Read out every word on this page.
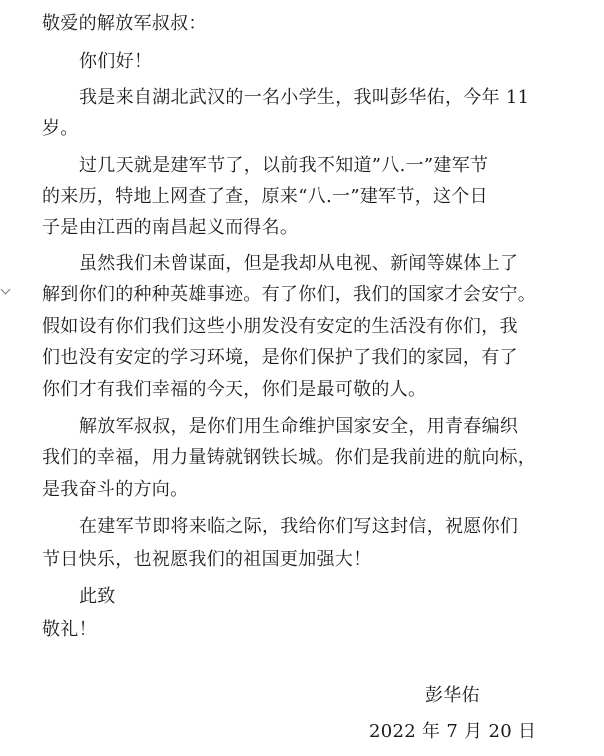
敬爱的解放军叔叔：
你们好！
我是来自湖北武汉的一名小学生，我叫彭华佑，今年 11
岁。
过几天就是建军节了，以前我不知道”八.一”建军节
的来历，特地上网查了查，原来“八.一”建军节，这个日
子是由江西的南昌起义而得名。
虽然我们未曾谋面，但是我却从电视、新闻等媒体上了
解到你们的种种英雄事迹。有了你们，我们的国家才会安宁。
假如设有你们我们这些小朋发没有安定的生活没有你们，我
们也没有安定的学习环境，是你们保护了我们的家园，有了
你们才有我们幸福的今天，你们是最可敬的人。
解放军叔叔，是你们用生命维护国家安全，用青春编织
我们的幸福，用力量铸就钢铁长城。你们是我前进的航向标，
是我奋斗的方向。
在建军节即将来临之际，我给你们写这封信，祝愿你们
节日快乐，也祝愿我们的祖国更加强大！
此致
敬礼！
彭华佑
2022 年 7 月 20 日
